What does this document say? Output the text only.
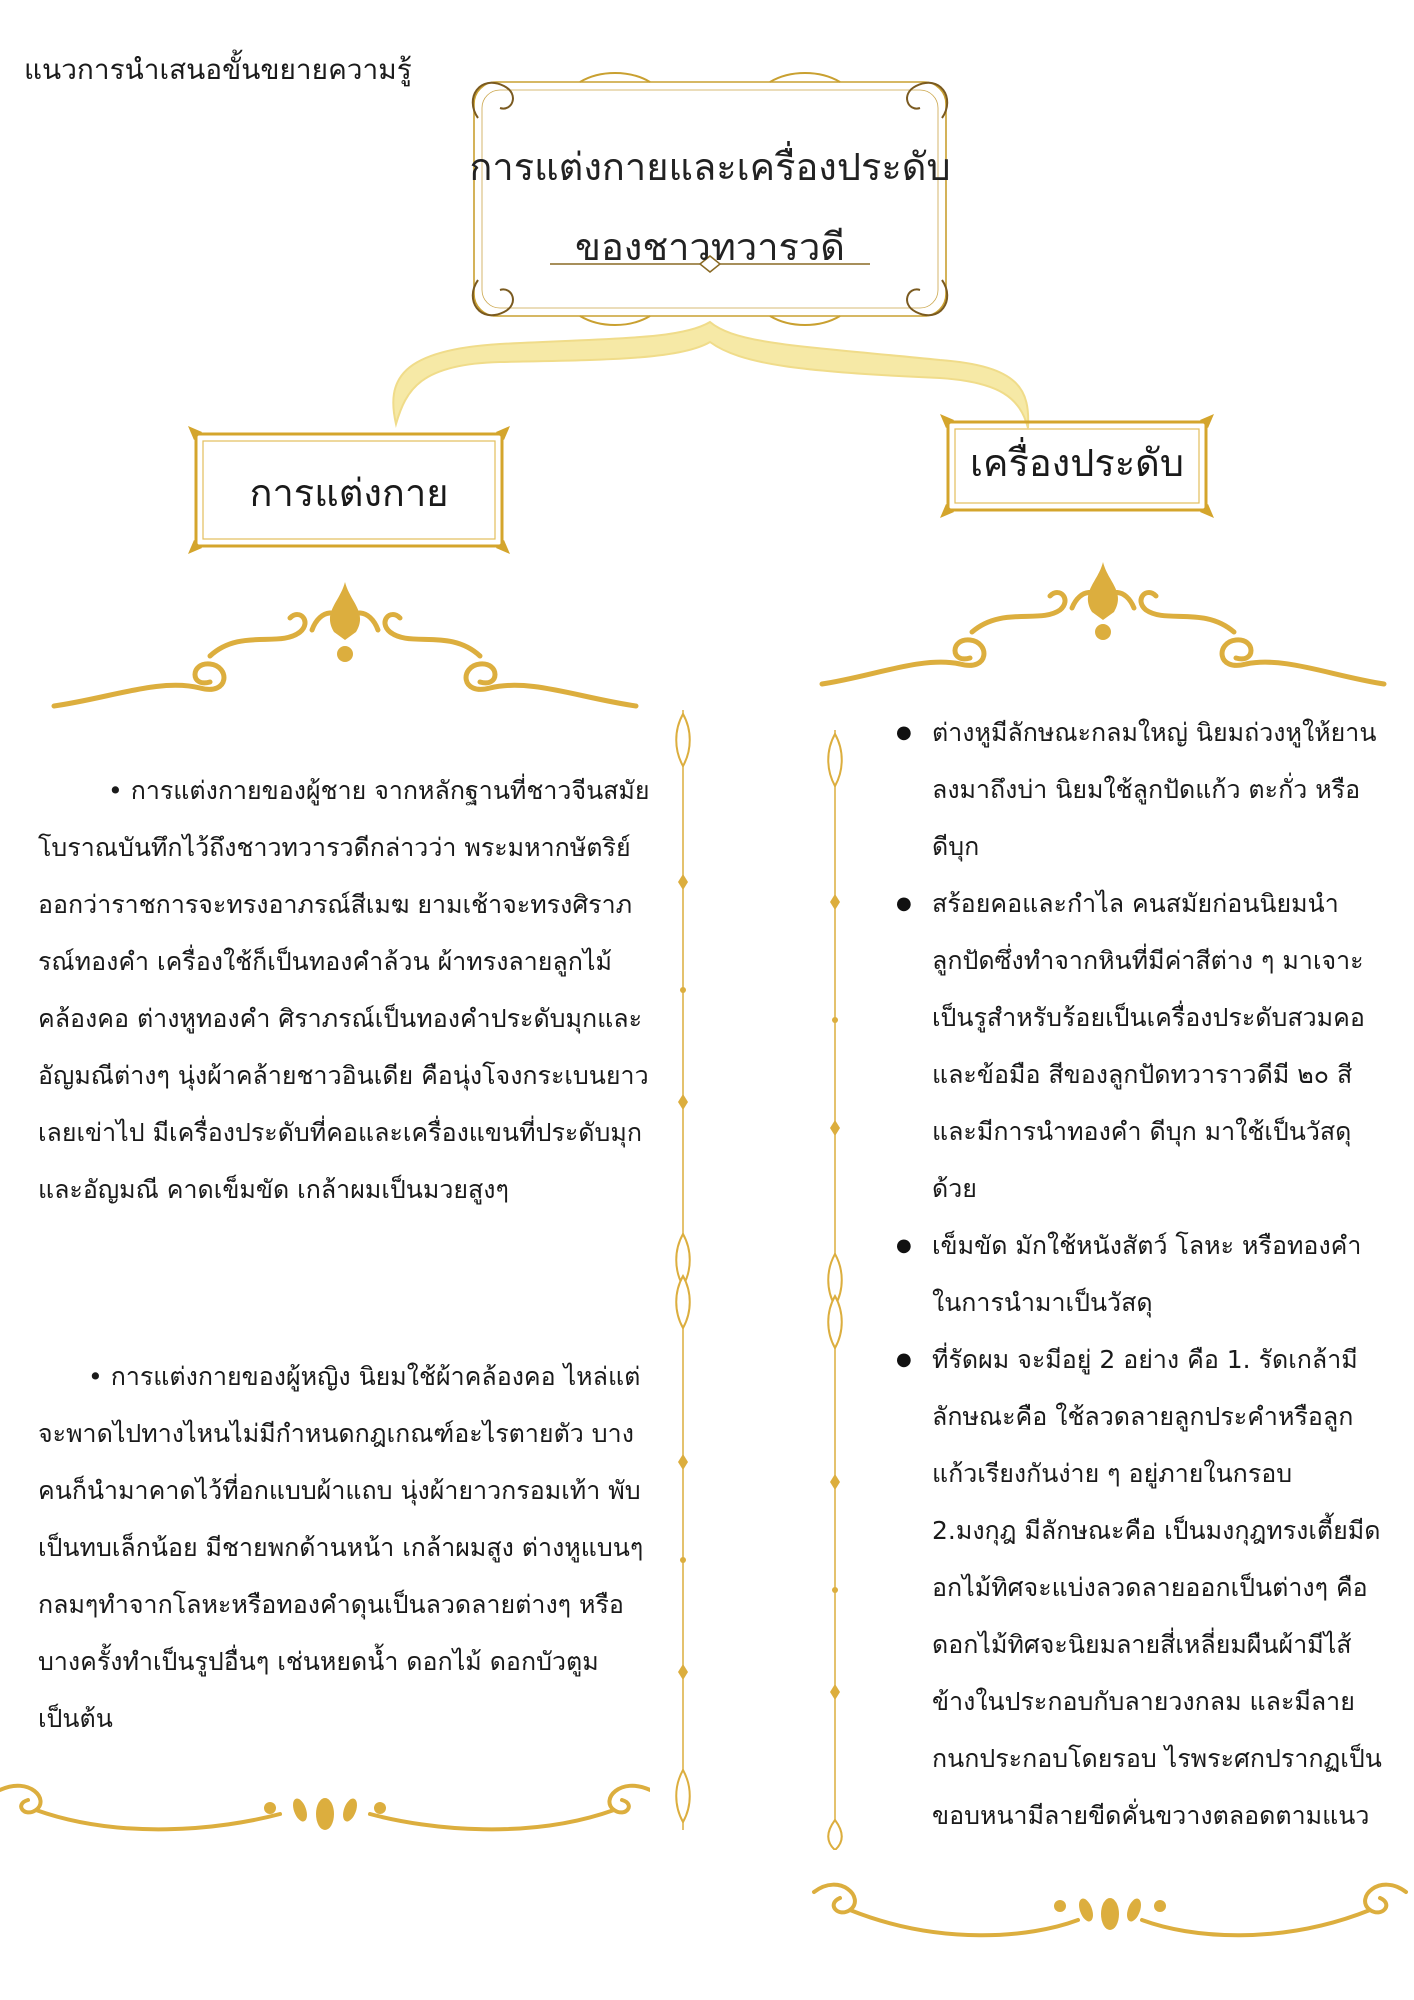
แนวการนำเสนอขั้นขยายความรู้
การแต่งกายและเครื่องประดับ
ของชาวทวารวดี
การแต่งกาย
เครื่องประดับ

• การแต่งกายของผู้ชาย จากหลักฐานที่ชาวจีนสมัยโบราณบันทึกไว้ถึงชาวทวารวดีกล่าวว่า พระมหากษัตริย์ออกว่าราชการจะทรงอาภรณ์สีเมฆ ยามเช้าจะทรงศิราภรณ์ทองคำ เครื่องใช้ก็เป็นทองคำล้วน ผ้าทรงลายลูกไม้คล้องคอ ต่างหูทองคำ ศิราภรณ์เป็นทองคำประดับมุกและอัญมณีต่างๆ นุ่งผ้าคล้ายชาวอินเดีย คือนุ่งโจงกระเบนยาวเลยเข่าไป มีเครื่องประดับที่คอและเครื่องแขนที่ประดับมุกและอัญมณี คาดเข็มขัด เกล้าผมเป็นมวยสูงๆ

• การแต่งกายของผู้หญิง นิยมใช้ผ้าคล้องคอ ไหล่แต่จะพาดไปทางไหนไม่มีกำหนดกฎเกณฑ์อะไรตายตัว บางคนก็นำมาคาดไว้ที่อกแบบผ้าแถบ นุ่งผ้ายาวกรอมเท้า พับเป็นทบเล็กน้อย มีชายพกด้านหน้า เกล้าผมสูง ต่างหูแบนๆกลมๆทำจากโลหะหรือทองคำดุนเป็นลวดลายต่างๆ หรือบางครั้งทำเป็นรูปอื่นๆ เช่นหยดน้ำ ดอกไม้ ดอกบัวตูม เป็นต้น

● ต่างหูมีลักษณะกลมใหญ่ นิยมถ่วงหูให้ยานลงมาถึงบ่า นิยมใช้ลูกปัดแก้ว ตะกั่ว หรือดีบุก
● สร้อยคอและกำไล คนสมัยก่อนนิยมนำลูกปัดซึ่งทำจากหินที่มีค่าสีต่าง ๆ มาเจาะเป็นรูสำหรับร้อยเป็นเครื่องประดับสวมคอและข้อมือ สีของลูกปัดทวาราวดีมี ๒๐ สี และมีการนำทองคำ ดีบุก มาใช้เป็นวัสดุด้วย
● เข็มขัด มักใช้หนังสัตว์ โลหะ หรือทองคำในการนำมาเป็นวัสดุ
● ที่รัดผม จะมีอยู่ 2 อย่าง คือ 1. รัดเกล้ามีลักษณะคือ ใช้ลวดลายลูกประคำหรือลูกแก้วเรียงกันง่าย ๆ อยู่ภายในกรอบ 2.มงกุฎ มีลักษณะคือ เป็นมงกุฎทรงเตี้ยมีดอกไม้ทิศจะแบ่งลวดลายออกเป็นต่างๆ คือ ดอกไม้ทิศจะนิยมลายสี่เหลี่ยมผืนผ้ามีไส้ข้างในประกอบกับลายวงกลม และมีลายกนกประกอบโดยรอบ ไรพระศกปรากฏเป็นขอบหนามีลายขีดคั่นขวางตลอดตามแนว
